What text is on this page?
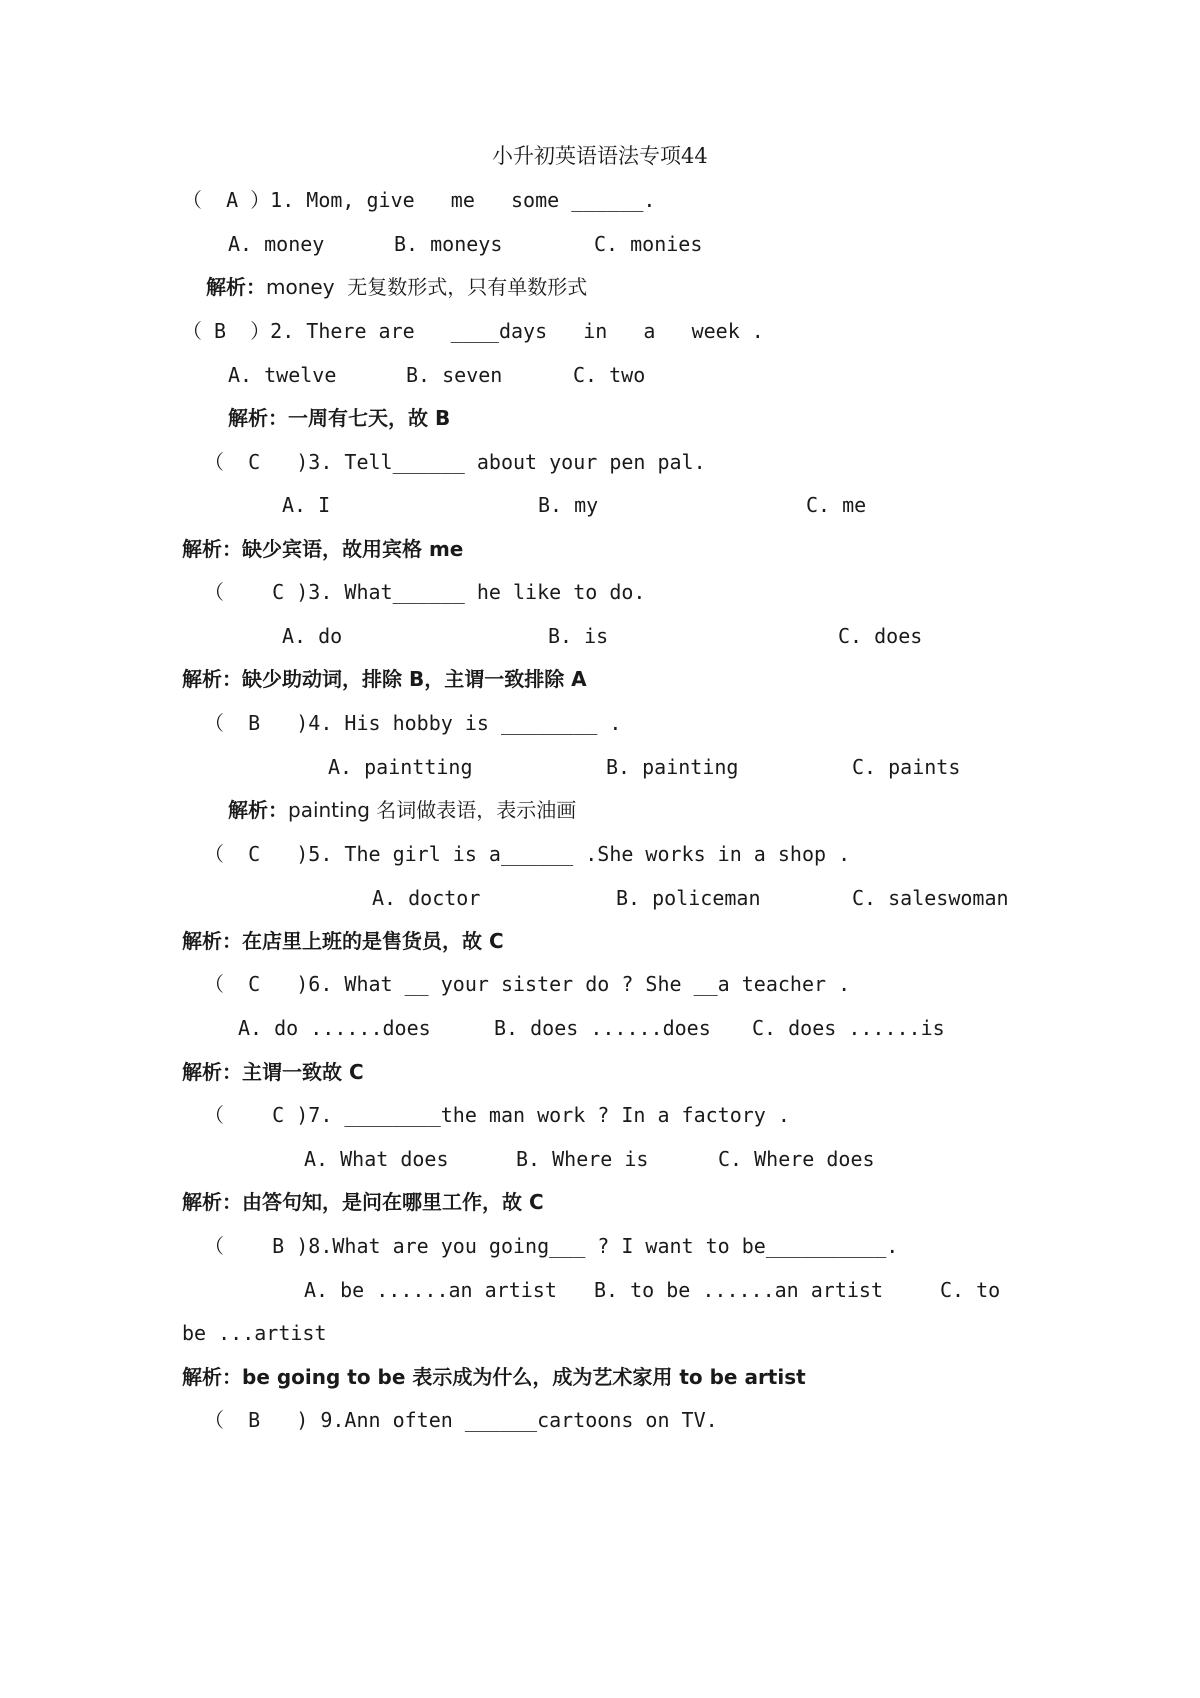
小升初英语语法专项44
（  A ）1. Mom, give   me   some ______.
A. money	B. moneys	C. monies
解析：money  无复数形式，只有单数形式
（ B  ）2. There are   ____days   in   a   week .
A. twelve	B. seven	C. two
解析：一周有七天，故 B
（  C   )3. Tell______ about your pen pal.
A. I	B. my	C. me
解析：缺少宾语，故用宾格 me
（    C )3. What______ he like to do.
A. do	B. is	C. does
解析：缺少助动词，排除 B，主谓一致排除 A
（  B   )4. His hobby is ________ .
A. paintting	B. painting	C. paints
解析：painting 名词做表语，表示油画
（  C   )5. The girl is a______ .She works in a shop .
A. doctor	B. policeman	C. saleswoman
解析：在店里上班的是售货员，故 C
（  C   )6. What __ your sister do ? She __a teacher .
A. do ......does	B. does ......does C. does ......is
解析：主谓一致故 C
（    C )7. ________the man work ? In a factory .
A. What does	B. Where is	C. Where does
解析：由答句知，是问在哪里工作，故 C
（    B )8.What are you going___ ? I want to be__________.
A. be ......an artist B. to be ......an artist	C. to
be ...artist
解析：be going to be 表示成为什么，成为艺术家用 to be artist
（  B   ) 9.Ann often ______cartoons on TV.
